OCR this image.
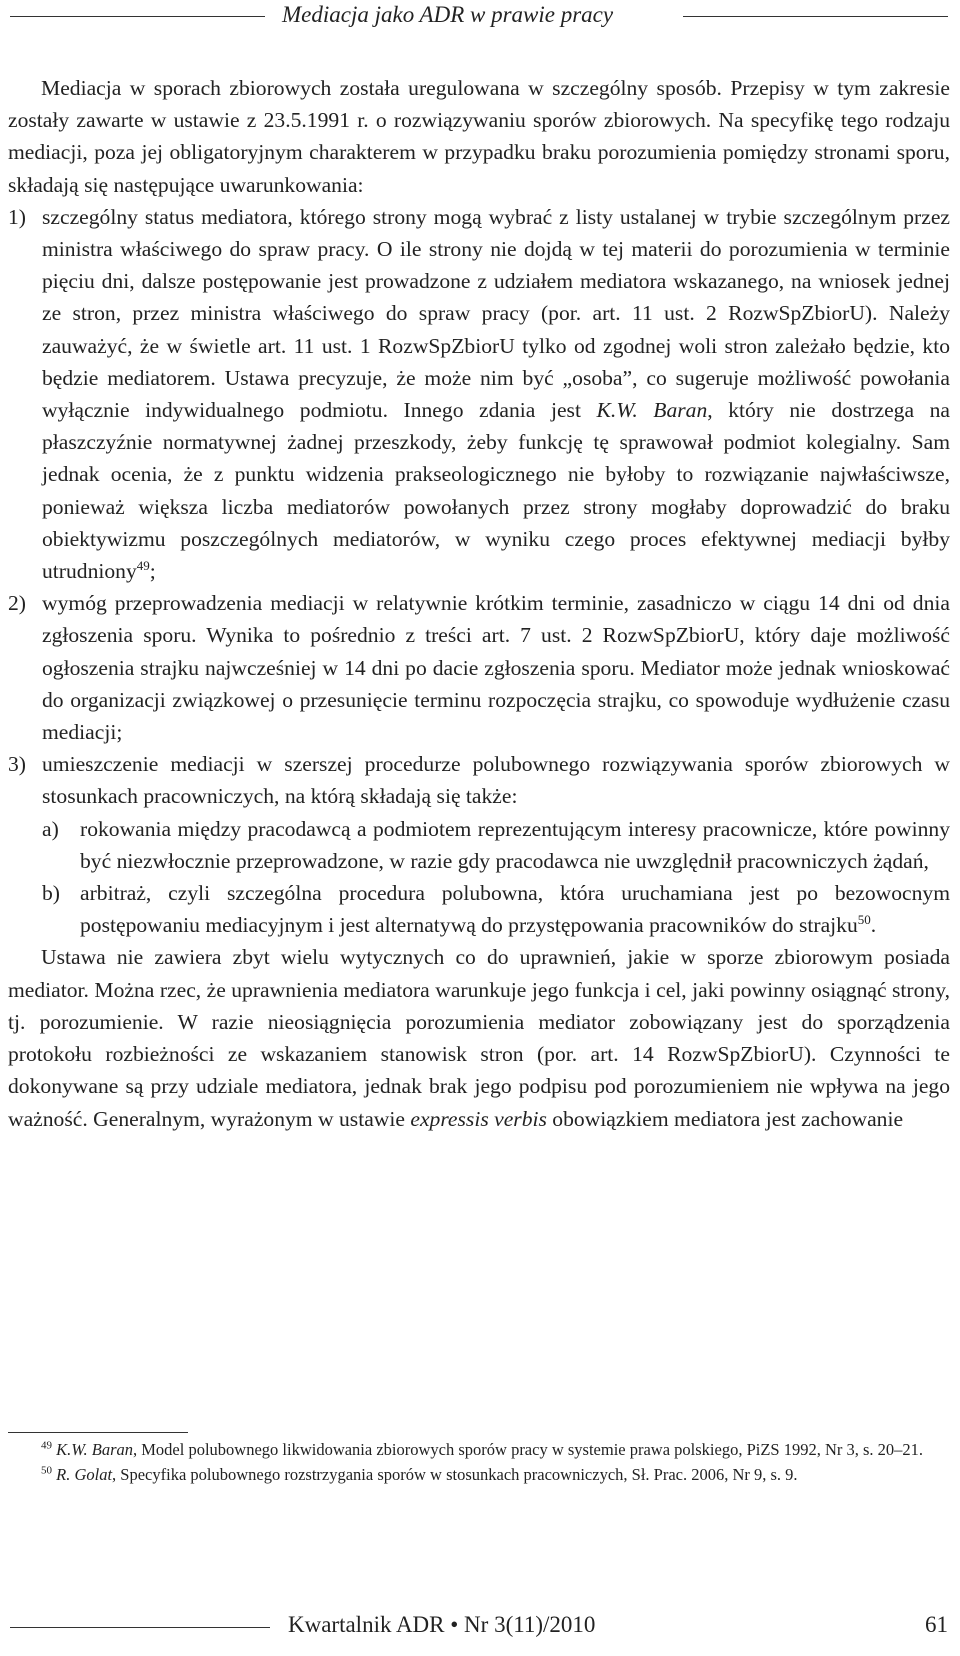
Mediacja jako ADR w prawie pracy

Mediacja w sporach zbiorowych została uregulowana w szczególny sposób. Przepisy w tym zakresie zostały zawarte w ustawie z 23.5.1991 r. o rozwiązywaniu sporów zbiorowych. Na specyfikę tego rodzaju mediacji, poza jej obligatoryjnym charakterem w przypadku braku porozumienia pomiędzy stronami sporu, składają się następujące uwarunkowania:

1) szczególny status mediatora, którego strony mogą wybrać z listy ustalanej w trybie szczególnym przez ministra właściwego do spraw pracy. O ile strony nie dojdą w tej materii do porozumienia w terminie pięciu dni, dalsze postępowanie jest prowadzone z udziałem mediatora wskazanego, na wniosek jednej ze stron, przez ministra właściwego do spraw pracy (por. art. 11 ust. 2 RozwSpZbiorU). Należy zauważyć, że w świetle art. 11 ust. 1 RozwSpZbiorU tylko od zgodnej woli stron zależało będzie, kto będzie mediatorem. Ustawa precyzuje, że może nim być „osoba”, co sugeruje możliwość powołania wyłącznie indywidualnego podmiotu. Innego zdania jest K.W. Baran, który nie dostrzega na płaszczyźnie normatywnej żadnej przeszkody, żeby funkcję tę sprawował podmiot kolegialny. Sam jednak ocenia, że z punktu widzenia prakseologicznego nie byłoby to rozwiązanie najwłaściwsze, ponieważ większa liczba mediatorów powołanych przez strony mogłaby doprowadzić do braku obiektywizmu poszczególnych mediatorów, w wyniku czego proces efektywnej mediacji byłby utrudniony$^{49}$;
2) wymóg przeprowadzenia mediacji w relatywnie krótkim terminie, zasadniczo w ciągu 14 dni od dnia zgłoszenia sporu. Wynika to pośrednio z treści art. 7 ust. 2 RozwSpZbiorU, który daje możliwość ogłoszenia strajku najwcześniej w 14 dni po dacie zgłoszenia sporu. Mediator może jednak wnioskować do organizacji związkowej o przesunięcie terminu rozpoczęcia strajku, co spowoduje wydłużenie czasu mediacji;
3) umieszczenie mediacji w szerszej procedurze polubownego rozwiązywania sporów zbiorowych w stosunkach pracowniczych, na którą składają się także:
a) rokowania między pracodawcą a podmiotem reprezentującym interesy pracownicze, które powinny być niezwłocznie przeprowadzone, w razie gdy pracodawca nie uwzględnił pracowniczych żądań,
b) arbitraż, czyli szczególna procedura polubowna, która uruchamiana jest po bezowocnym postępowaniu mediacyjnym i jest alternatywą do przystępowania pracowników do strajku$^{50}$.

Ustawa nie zawiera zbyt wielu wytycznych co do uprawnień, jakie w sporze zbiorowym posiada mediator. Można rzec, że uprawnienia mediatora warunkuje jego funkcja i cel, jaki powinny osiągnąć strony, tj. porozumienie. W razie nieosiągnięcia porozumienia mediator zobowiązany jest do sporządzenia protokołu rozbieżności ze wskazaniem stanowisk stron (por. art. 14 RozwSpZbiorU). Czynności te dokonywane są przy udziale mediatora, jednak brak jego podpisu pod porozumieniem nie wpływa na jego ważność. Generalnym, wyrażonym w ustawie expressis verbis obowiązkiem mediatora jest zachowanie

$^{49}$ K.W. Baran, Model polubownego likwidowania zbiorowych sporów pracy w systemie prawa polskiego, PiZS 1992, Nr 3, s. 20–21.

$^{50}$ R. Golat, Specyfika polubownego rozstrzygania sporów w stosunkach pracowniczych, Sł. Prac. 2006, Nr 9, s. 9.

Kwartalnik ADR • Nr 3(11)/2010	61
